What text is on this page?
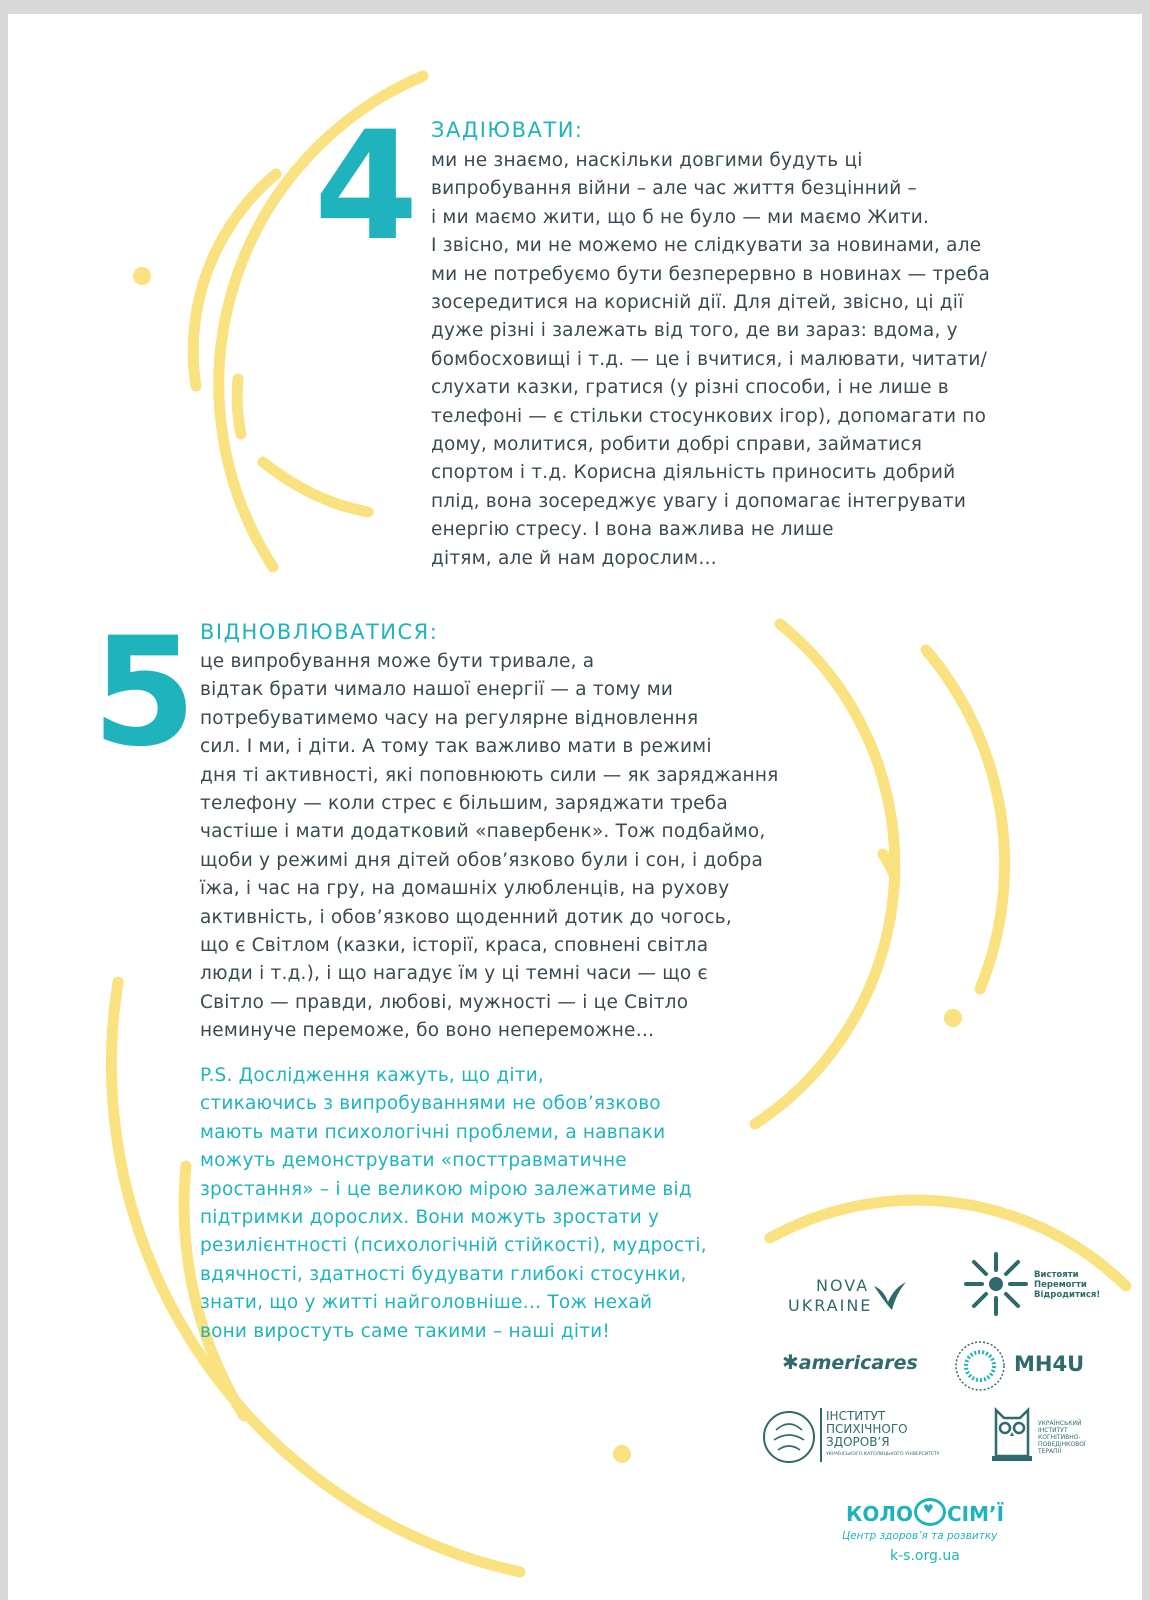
4 ЗАДІЮВАТИ:
ми не знаємо, наскільки довгими будуть ці
випробування війни – але час життя безцінний –
і ми маємо жити, що б не було — ми маємо Жити.
І звісно, ми не можемо не слідкувати за новинами, але
ми не потребуємо бути безперервно в новинах — треба
зосередитися на корисній дії. Для дітей, звісно, ці дії
дуже різні і залежать від того, де ви зараз: вдома, у
бомбосховищі і т.д. — це і вчитися, і малювати, читати/
слухати казки, гратися (у різні способи, і не лише в
телефоні — є стільки стосункових ігор), допомагати по
дому, молитися, робити добрі справи, займатися
спортом і т.д. Корисна діяльність приносить добрий
плід, вона зосереджує увагу і допомагає інтегрувати
енергію стресу. І вона важлива не лише
дітям, але й нам дорослим…
5 ВІДНОВЛЮВАТИСЯ:
це випробування може бути тривале, а
відтак брати чимало нашої енергії — а тому ми
потребуватимемо часу на регулярне відновлення
сил. І ми, і діти. А тому так важливо мати в режимі
дня ті активності, які поповнюють сили — як заряджання
телефону — коли стрес є більшим, заряджати треба
частіше і мати додатковий «павербенк». Тож подбаймо,
щоби у режимі дня дітей обов’язково були і сон, і добра
їжа, і час на гру, на домашніх улюбленців, на рухову
активність, і обов’язково щоденний дотик до чогось,
що є Світлом (казки, історії, краса, сповнені світла
люди і т.д.), і що нагадує їм у ці темні часи — що є
Світло — правди, любові, мужності — і це Світло
неминуче переможе, бо воно непереможне…
P.S. Дослідження кажуть, що діти,
стикаючись з випробуваннями не обов’язково
мають мати психологічні проблеми, а навпаки
можуть демонструвати «посттравматичне
зростання» – і це великою мірою залежатиме від
підтримки дорослих. Вони можуть зростати у
резилієнтності (психологічній стійкості), мудрості,
вдячності, здатності будувати глибокі стосунки,
знати, що у житті найголовніше… Тож нехай
вони виростуть саме такими – наші діти!
NOVA
UKRAINE
Вистояти
Перемогти
Відродитися!
✱americares	MH4U
ІНСТИТУТ
ПСИХІЧНОГО
ЗДОРОВ’Я
УКРАЇНСЬКОГО КАТОЛИЦЬКОГО УНІВЕРСИТЕТУ
УКРАЇНСЬКИЙ
ІНСТИТУТ
КОГНІТИВНО-
ПОВЕДІНКОВОЇ
ТЕРАПІЇ
КОЛО ♥ СІМ’Ї
Центр здоров’я та розвитку
k-s.org.ua
